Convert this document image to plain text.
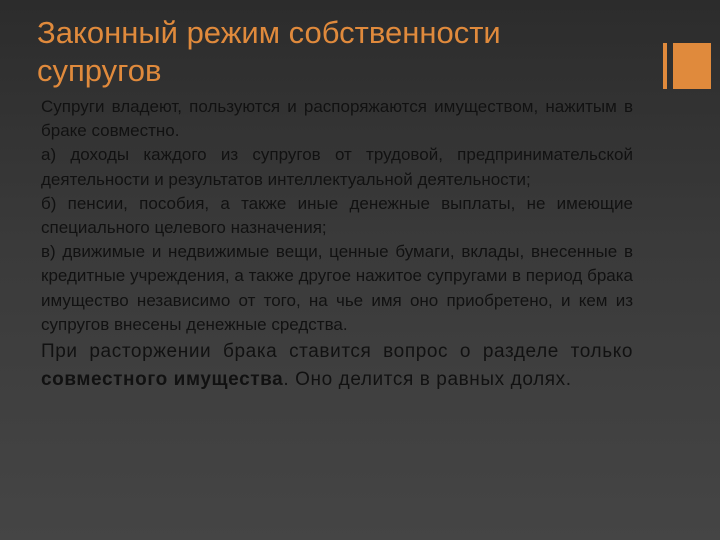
Законный режим собственности
супругов

Супруги владеют, пользуются и распоряжаются имуществом, нажитым в браке совместно.

а) доходы каждого из супругов от трудовой, предпринимательской деятельности и результатов интеллектуальной деятельности;

б) пенсии, пособия, а также иные денежные выплаты, не имеющие специального целевого назначения;

в) движимые и недвижимые вещи, ценные бумаги, вклады, внесенные в кредитные учреждения, а также другое нажитое супругами в период брака имущество независимо от того, на чье имя оно приобретено, и кем из супругов внесены денежные средства.

При расторжении брака ставится вопрос о разделе только совместного имущества. Оно делится в равных долях.
